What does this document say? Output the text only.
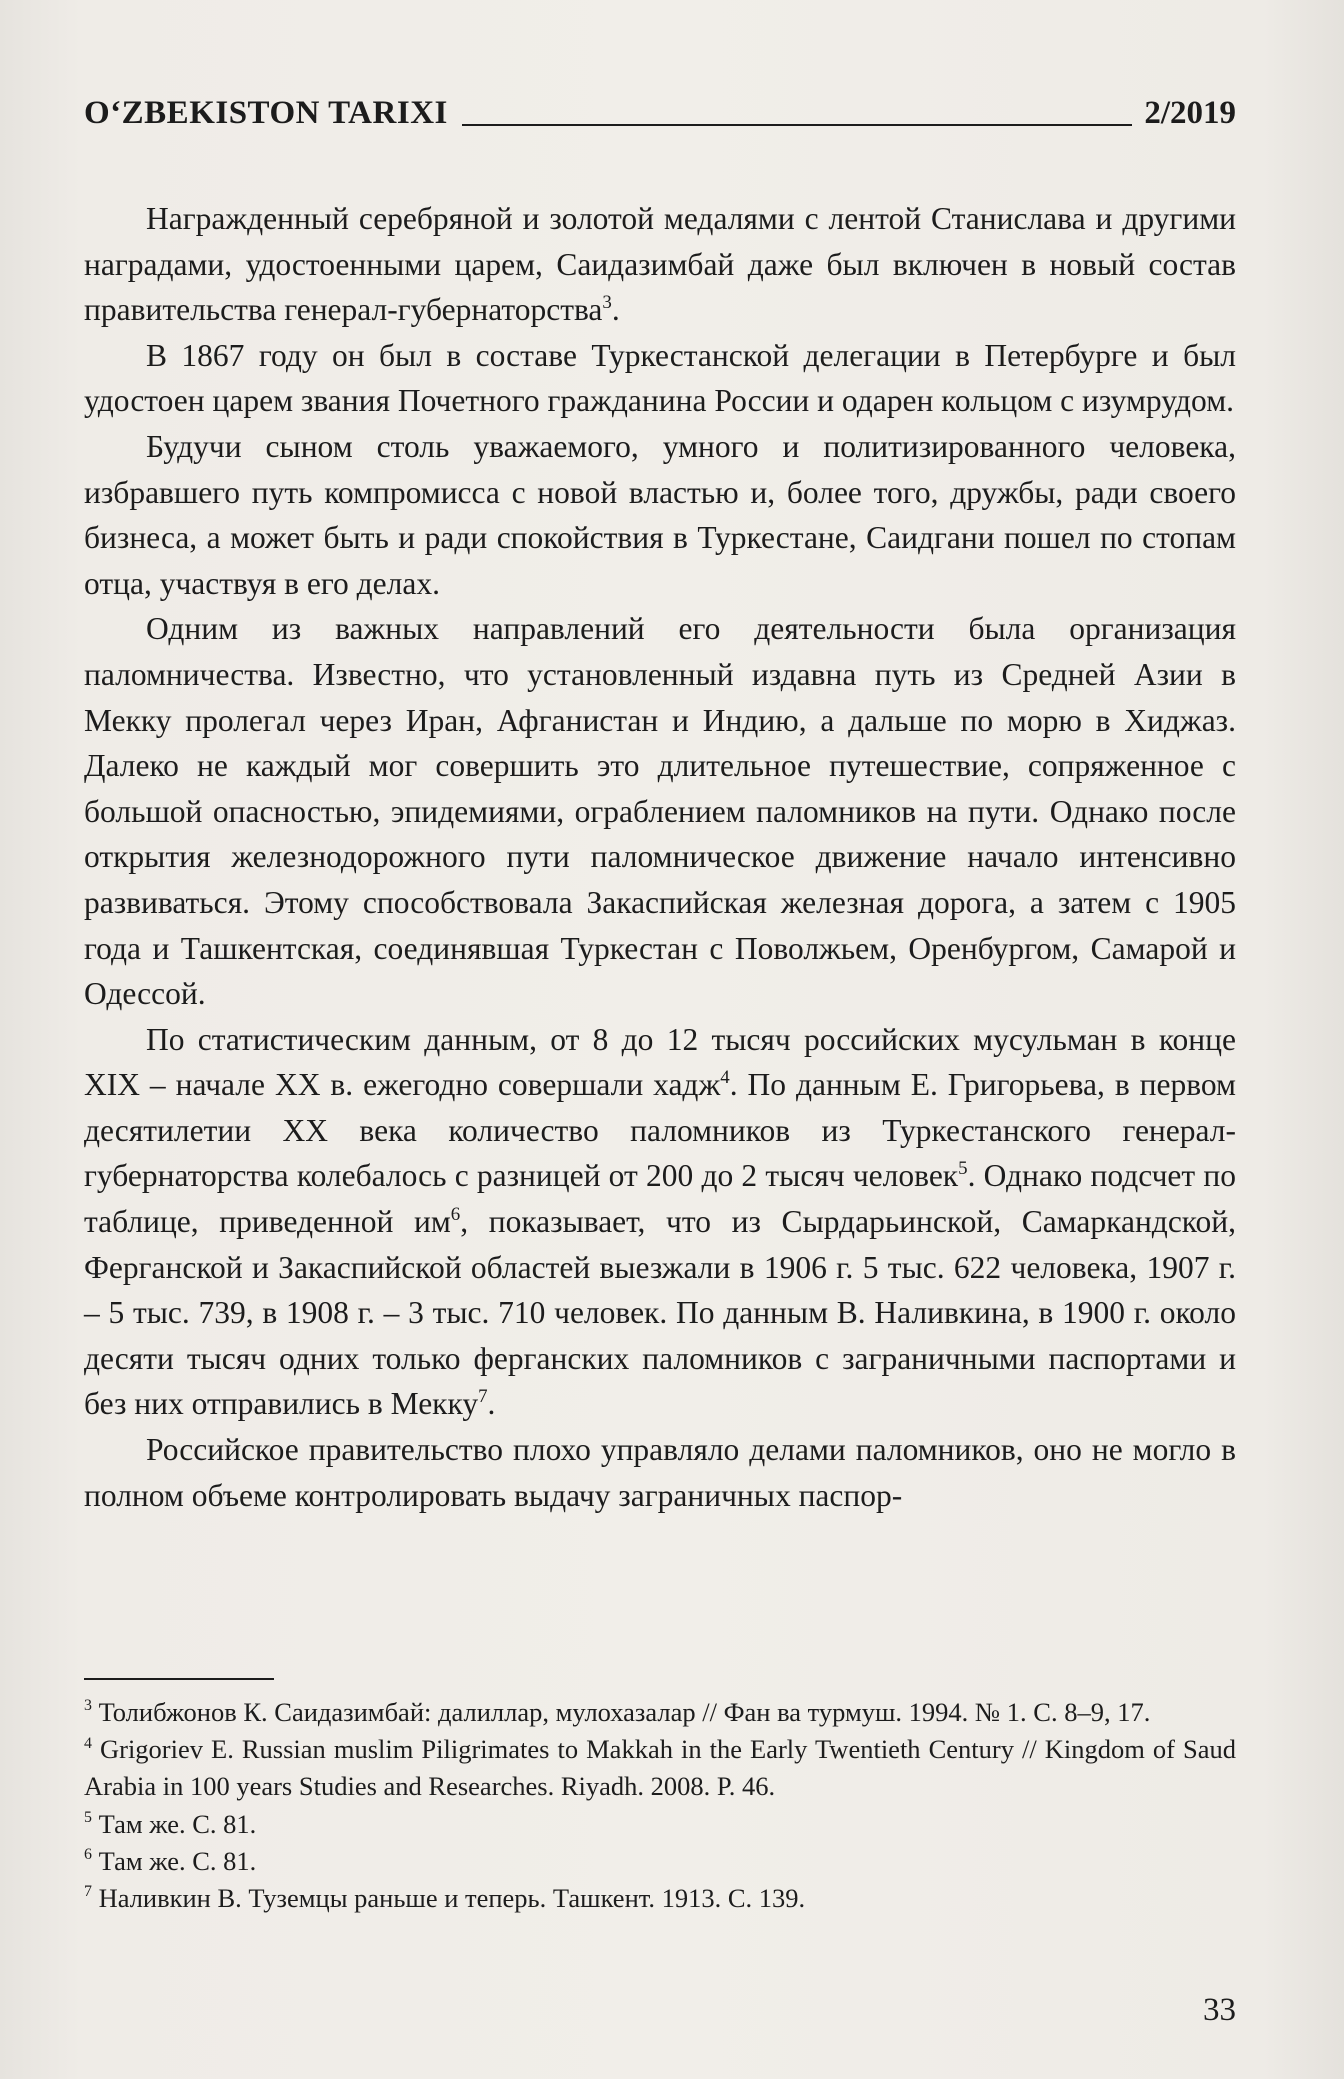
O‘ZBEKISTON TARIXI	2/2019

Награжденный серебряной и золотой медалями с лентой Станислава и другими наградами, удостоенными царем, Саидазимбай даже был включен в новый состав правительства генерал-губернаторства$^3$.

В 1867 году он был в составе Туркестанской делегации в Петербурге и был удостоен царем звания Почетного гражданина России и одарен кольцом с изумрудом.

Будучи сыном столь уважаемого, умного и политизированного человека, избравшего путь компромисса с новой властью и, более того, дружбы, ради своего бизнеса, а может быть и ради спокойствия в Туркестане, Саидгани пошел по стопам отца, участвуя в его делах.

Одним из важных направлений его деятельности была организация паломничества. Известно, что установленный издавна путь из Средней Азии в Мекку пролегал через Иран, Афганистан и Индию, а дальше по морю в Хиджаз. Далеко не каждый мог совершить это длительное путешествие, сопряженное с большой опасностью, эпидемиями, ограблением паломников на пути. Однако после открытия железнодорожного пути паломническое движение начало интенсивно развиваться. Этому способствовала Закаспийская железная дорога, а затем с 1905 года и Ташкентская, соединявшая Туркестан с Поволжьем, Оренбургом, Самарой и Одессой.

По статистическим данным, от 8 до 12 тысяч российских мусульман в конце XIX – начале XX в. ежегодно совершали хадж$^4$. По данным Е. Григорьева, в первом десятилетии XX века количество паломников из Туркестанского генерал-губернаторства колебалось с разницей от 200 до 2 тысяч человек$^5$. Однако подсчет по таблице, приведенной $им^6$, показывает, что из Сырдарьинской, Самаркандской, Ферганской и Закаспийской областей выезжали в 1906 г. 5 тыс. 622 человека, 1907 г. – 5 тыс. 739, в 1908 г. – 3 тыс. 710 человек. По данным В. Наливкина, в 1900 г. около десяти тысяч одних только ферганских паломников с заграничными паспортами и без них отправились в Мекку$^7$.

Российское правительство плохо управляло делами паломников, оно не могло в полном объеме контролировать выдачу заграничных паспор-

$^3$ Толибжонов К. Саидазимбай: далиллар, мулохазалар // Фан ва турмуш. 1994. № 1. С. 8–9, 17.

$^4$ Grigoriev E. Russian muslim Piligrimates to Makkah in the Early Twentieth Century // Kingdom of Saud Arabia in 100 years Studies and Researches. Riyadh. 2008. P. 46.

$^5$ Там же. С. 81.

$^6$ Там же. С. 81.

$^7$ Наливкин В. Туземцы раньше и теперь. Ташкент. 1913. С. 139.

33
